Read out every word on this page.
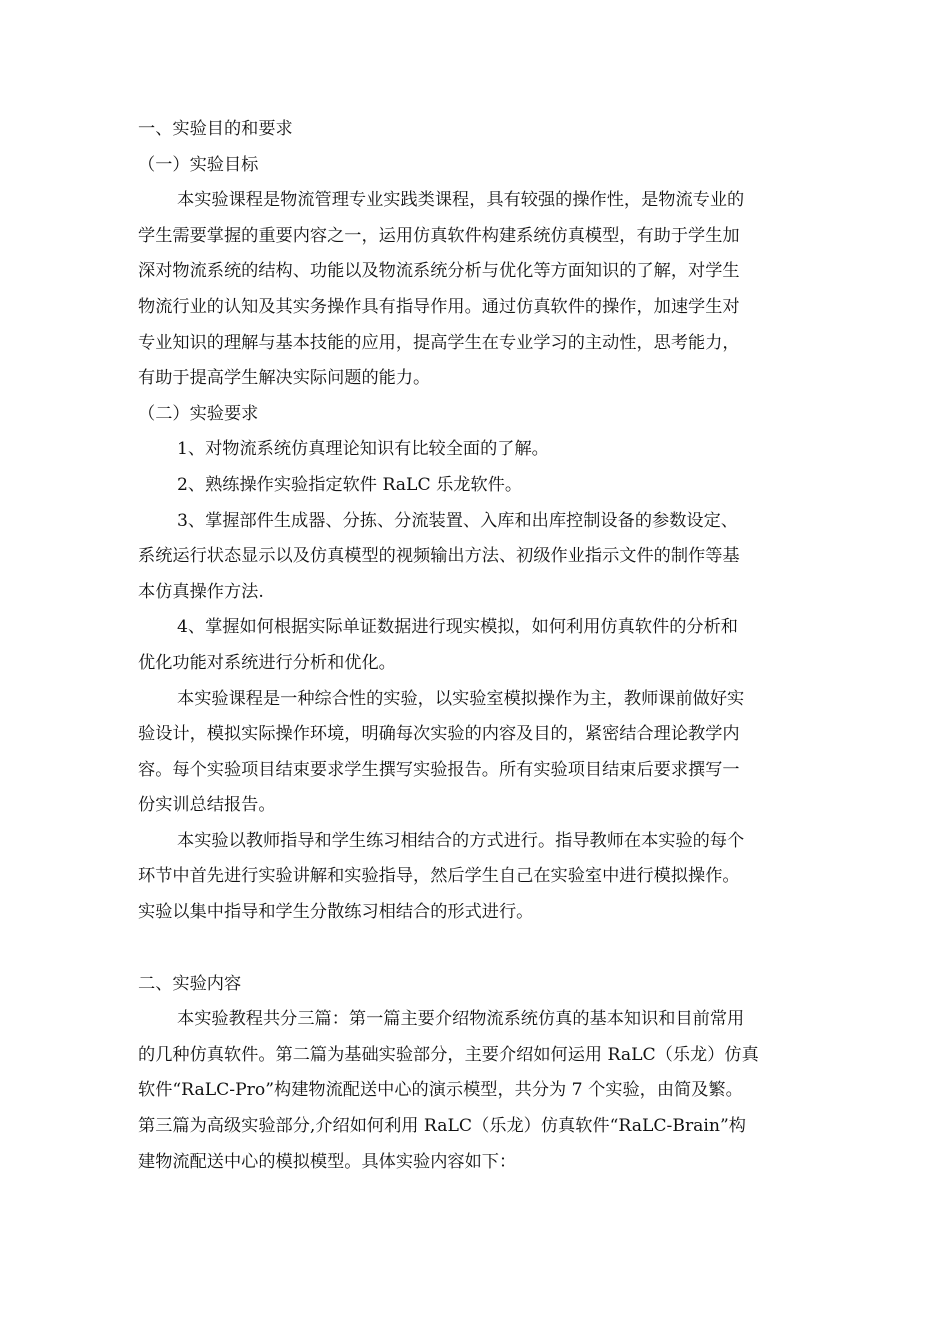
一、实验目的和要求

（一）实验目标

本实验课程是物流管理专业实践类课程，具有较强的操作性，是物流专业的

学生需要掌握的重要内容之一，运用仿真软件构建系统仿真模型，有助于学生加

深对物流系统的结构、功能以及物流系统分析与优化等方面知识的了解，对学生

物流行业的认知及其实务操作具有指导作用。通过仿真软件的操作，加速学生对

专业知识的理解与基本技能的应用，提高学生在专业学习的主动性，思考能力，

有助于提高学生解决实际问题的能力。

（二）实验要求

1、对物流系统仿真理论知识有比较全面的了解。

2、熟练操作实验指定软件 RaLC 乐龙软件。

3、掌握部件生成器、分拣、分流装置、入库和出库控制设备的参数设定、

系统运行状态显示以及仿真模型的视频输出方法、初级作业指示文件的制作等基

本仿真操作方法.

4、掌握如何根据实际单证数据进行现实模拟，如何利用仿真软件的分析和

优化功能对系统进行分析和优化。

本实验课程是一种综合性的实验，以实验室模拟操作为主，教师课前做好实

验设计，模拟实际操作环境，明确每次实验的内容及目的，紧密结合理论教学内

容。每个实验项目结束要求学生撰写实验报告。所有实验项目结束后要求撰写一

份实训总结报告。

本实验以教师指导和学生练习相结合的方式进行。指导教师在本实验的每个

环节中首先进行实验讲解和实验指导，然后学生自己在实验室中进行模拟操作。

实验以集中指导和学生分散练习相结合的形式进行。

二、实验内容

本实验教程共分三篇：第一篇主要介绍物流系统仿真的基本知识和目前常用

的几种仿真软件。第二篇为基础实验部分，主要介绍如何运用 RaLC（乐龙）仿真

软件“RaLC-Pro”构建物流配送中心的演示模型，共分为 7 个实验，由简及繁。

第三篇为高级实验部分,介绍如何利用 RaLC（乐龙）仿真软件“RaLC-Brain”构

建物流配送中心的模拟模型。具体实验内容如下：
